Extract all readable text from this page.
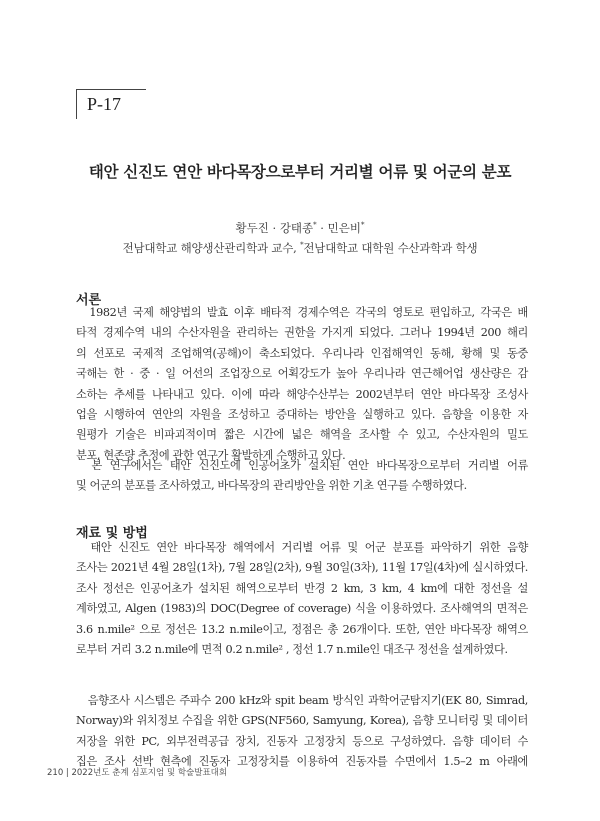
P-17
태안 신진도 연안 바다목장으로부터 거리별 어류 및 어군의 분포
황두진 · 강태종* · 민은비*
전남대학교 해양생산관리학과 교수, *전남대학교 대학원 수산과학과 학생
서론

　1982년 국제 해양법의 발효 이후 배타적 경제수역은 각국의 영토로 편입하고, 각국은 배
타적 경제수역 내의 수산자원을 관리하는 권한을 가지게 되었다. 그러나 1994년 200 해리
의 선포로 국제적 조업해역(공해)이 축소되었다. 우리나라 인접해역인 동해, 황해 및 동중
국해는 한 · 중 · 일 어선의 조업장으로 어획강도가 높아 우리나라 연근해어업 생산량은 감
소하는 추세를 나타내고 있다. 이에 따라 해양수산부는 2002년부터 연안 바다목장 조성사
업을 시행하여 연안의 자원을 조성하고 증대하는 방안을 실행하고 있다. 음향을 이용한 자
원평가 기술은 비파괴적이며 짧은 시간에 넓은 해역을 조사할 수 있고, 수산자원의 밀도
분포, 현존량 추정에 관한 연구가 활발하게 수행하고 있다.

　본 연구에서는 태안 신진도에 인공어초가 설치된 연안 바다목장으로부터 거리별 어류
및 어군의 분포를 조사하였고, 바다목장의 관리방안을 위한 기초 연구를 수행하였다.

재료 및 방법

　태안 신진도 연안 바다목장 해역에서 거리별 어류 및 어군 분포를 파악하기 위한 음향
조사는 2021년 4월 28일(1차), 7월 28일(2차), 9월 30일(3차), 11월 17일(4차)에 실시하였다.
조사 정선은 인공어초가 설치된 해역으로부터 반경 2 km, 3 km, 4 km에 대한 정선을 설
계하였고, Algen (1983)의 DOC(Degree of coverage) 식을 이용하였다. 조사해역의 면적은
3.6 n.mile² 으로 정선은 13.2 n.mile이고, 정점은 총 26개이다. 또한, 연안 바다목장 해역으
로부터 거리 3.2 n.mile에 면적 0.2 n.mile² , 정선 1.7 n.mile인 대조구 정선을 설계하였다.

　음향조사 시스템은 주파수 200 kHz와 spit beam 방식인 과학어군탐지기(EK 80, Simrad,
Norway)와 위치정보 수집을 위한 GPS(NF560, Samyung, Korea), 음향 모니터링 및 데이터
저장을 위한 PC, 외부전력공급 장치, 진동자 고정장치 등으로 구성하였다. 음향 데이터 수
집은 조사 선박 현측에 진동자 고정장치를 이용하여 진동자를 수면에서 1.5–2 m 아래에

210 | 2022년도 춘계 심포지엄 및 학술발표대회
